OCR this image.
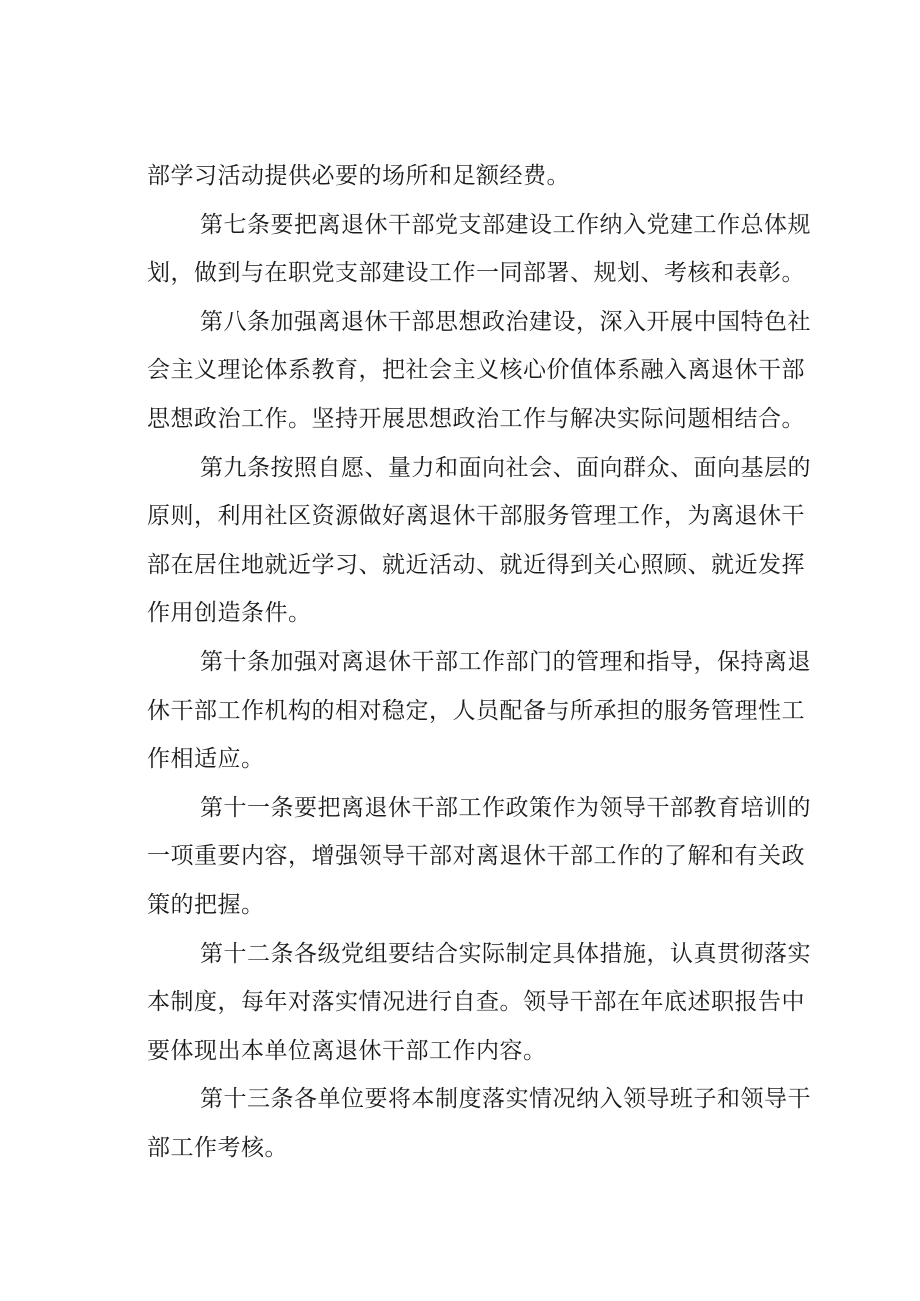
部学习活动提供必要的场所和足额经费。
第七条要把离退休干部党支部建设工作纳入党建工作总体规
划，做到与在职党支部建设工作一同部署、规划、考核和表彰。
第八条加强离退休干部思想政治建设，深入开展中国特色社
会主义理论体系教育，把社会主义核心价值体系融入离退休干部
思想政治工作。坚持开展思想政治工作与解决实际问题相结合。
第九条按照自愿、量力和面向社会、面向群众、面向基层的
原则，利用社区资源做好离退休干部服务管理工作，为离退休干
部在居住地就近学习、就近活动、就近得到关心照顾、就近发挥
作用创造条件。
第十条加强对离退休干部工作部门的管理和指导，保持离退
休干部工作机构的相对稳定，人员配备与所承担的服务管理性工
作相适应。
第十一条要把离退休干部工作政策作为领导干部教育培训的
一项重要内容，增强领导干部对离退休干部工作的了解和有关政
策的把握。
第十二条各级党组要结合实际制定具体措施，认真贯彻落实
本制度，每年对落实情况进行自查。领导干部在年底述职报告中
要体现出本单位离退休干部工作内容。
第十三条各单位要将本制度落实情况纳入领导班子和领导干
部工作考核。
